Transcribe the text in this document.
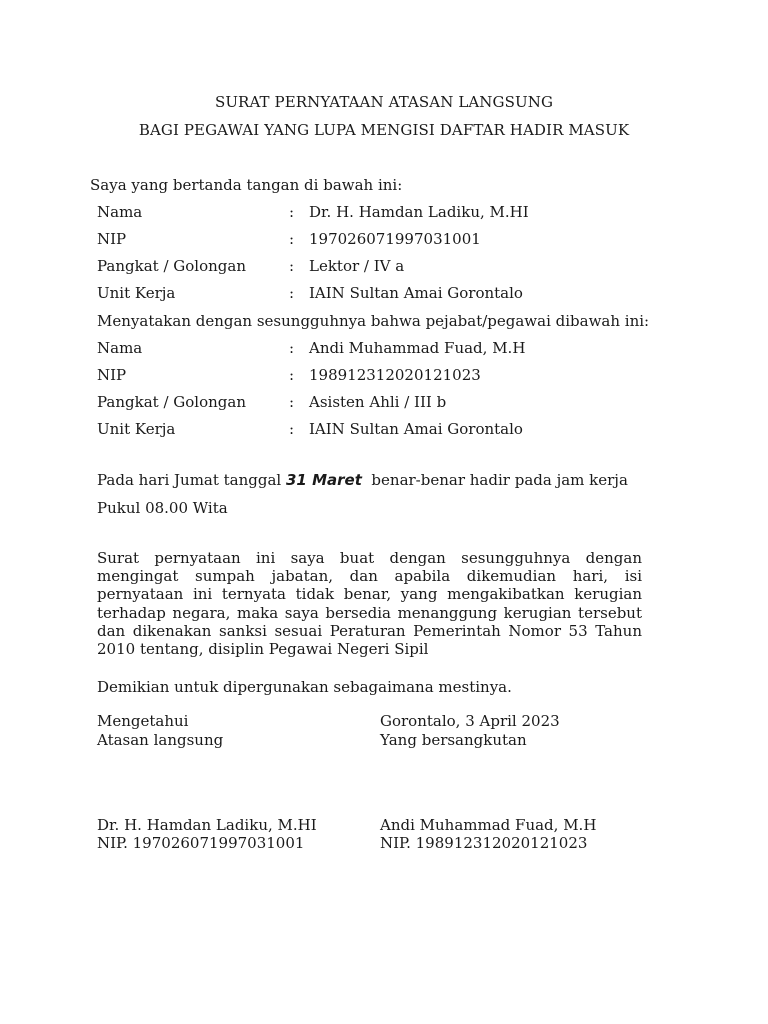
SURAT PERNYATAAN ATASAN LANGSUNG
BAGI PEGAWAI YANG LUPA MENGISI DAFTAR HADIR MASUK
Saya yang bertanda tangan di bawah ini:
Nama	: Dr. H. Hamdan Ladiku, M.HI
NIP	: 197026071997031001
Pangkat / Golongan	: Lektor / IV a
Unit Kerja	: IAIN Sultan Amai Gorontalo
Menyatakan dengan sesungguhnya bahwa pejabat/pegawai dibawah ini:
Nama	: Andi Muhammad Fuad, M.H
NIP	: 198912312020121023
Pangkat / Golongan	: Asisten Ahli / III b
Unit Kerja	: IAIN Sultan Amai Gorontalo
Pada hari Jumat tanggal 31 Maret  benar-benar hadir pada jam kerja
Pukul 08.00 Wita
Surat pernyataan ini saya buat dengan sesungguhnya dengan mengingat sumpah jabatan, dan apabila dikemudian hari, isi pernyataan ini ternyata tidak benar, yang mengakibatkan kerugian terhadap negara, maka saya bersedia menanggung kerugian tersebut dan dikenakan sanksi sesuai Peraturan Pemerintah Nomor 53 Tahun 2010 tentang, disiplin Pegawai Negeri Sipil
Demikian untuk dipergunakan sebagaimana mestinya.
Mengetahui
Atasan langsung
Dr. H. Hamdan Ladiku, M.HI
NIP. 197026071997031001
Gorontalo, 3 April 2023
Yang bersangkutan
Andi Muhammad Fuad, M.H
NIP. 198912312020121023
